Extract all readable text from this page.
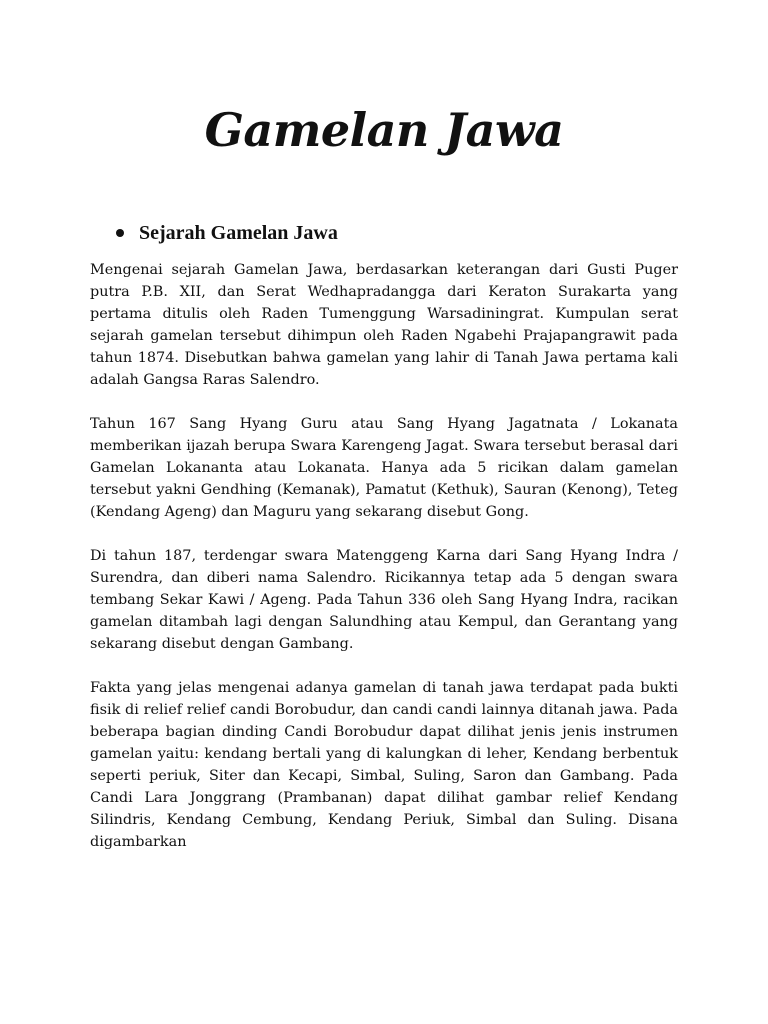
Gamelan Jawa
Sejarah Gamelan Jawa

Mengenai sejarah Gamelan Jawa, berdasarkan keterangan dari Gusti Puger putra P.B. XII, dan Serat Wedhapradangga dari Keraton Surakarta yang pertama ditulis oleh Raden Tumenggung Warsadiningrat. Kumpulan serat sejarah gamelan tersebut dihimpun oleh Raden Ngabehi Prajapangrawit pada tahun 1874. Disebutkan bahwa gamelan yang lahir di Tanah Jawa pertama kali adalah Gangsa Raras Salendro.

Tahun 167 Sang Hyang Guru atau Sang Hyang Jagatnata / Lokanata memberikan ijazah berupa Swara Karengeng Jagat. Swara tersebut berasal dari Gamelan Lokananta atau Lokanata. Hanya ada 5 ricikan dalam gamelan tersebut yakni Gendhing (Kemanak), Pamatut (Kethuk), Sauran (Kenong), Teteg (Kendang Ageng) dan Maguru yang sekarang disebut Gong.

Di tahun 187, terdengar swara Matenggeng Karna dari Sang Hyang Indra / Surendra, dan diberi nama Salendro. Ricikannya tetap ada 5 dengan swara tembang Sekar Kawi / Ageng. Pada Tahun 336 oleh Sang Hyang Indra, racikan gamelan ditambah lagi dengan Salundhing atau Kempul, dan Gerantang yang sekarang disebut dengan Gambang.

Fakta yang jelas mengenai adanya gamelan di tanah jawa terdapat pada bukti fisik di relief relief candi Borobudur, dan candi candi lainnya ditanah jawa. Pada beberapa bagian dinding Candi Borobudur dapat dilihat jenis jenis instrumen gamelan yaitu: kendang bertali yang di kalungkan di leher, Kendang berbentuk seperti periuk, Siter dan Kecapi, Simbal, Suling, Saron dan Gambang. Pada Candi Lara Jonggrang (Prambanan) dapat dilihat gambar relief Kendang Silindris, Kendang Cembung, Kendang Periuk, Simbal dan Suling. Disana digambarkan
